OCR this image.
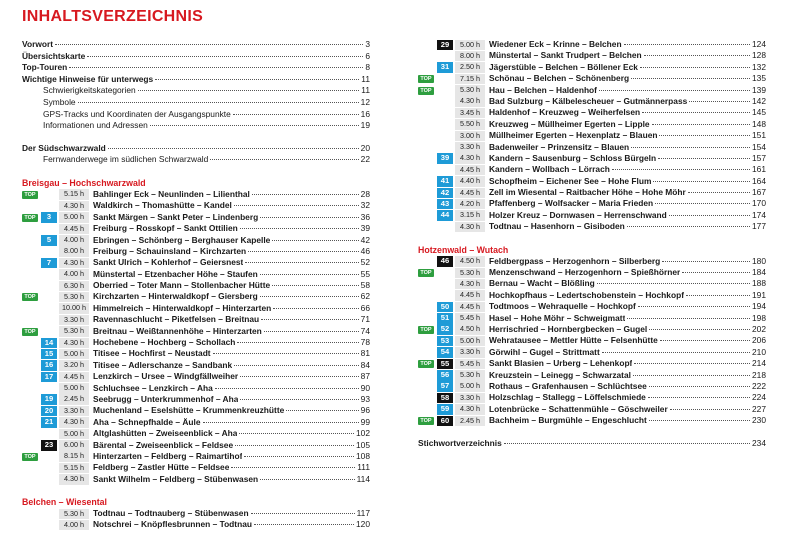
INHALTSVERZEICHNIS
Vorwort	3
Übersichtskarte	6
Top-Touren	8
Wichtige Hinweise für unterwegs	11
Schwierigkeitskategorien	11
Symbole	12
GPS-Tracks und Koordinaten der Ausgangspunkte	16
Informationen und Adressen	19
Der Südschwarzwald	20
Fernwanderwege im südlichen Schwarzwald	22
Breisgau – Hochschwarzwald
TOP	1	5.15 h	Bahlinger Eck – Neunlinden – Lilienthal	28
2	4.30 h	Waldkirch – Thomashütte – Kandel	32
TOP	3	5.00 h	Sankt Märgen – Sankt Peter – Lindenberg	36
4	4.45 h	Freiburg – Rosskopf – Sankt Ottilien	39
5	4.00 h	Ebringen – Schönberg – Berghauser Kapelle	42
6	8.00 h	Freiburg – Schauinsland – Kirchzarten	46
7	4.30 h	Sankt Ulrich – Kohlerhof – Geiersnest	52
8	4.00 h	Münstertal – Etzenbacher Höhe – Staufen	55
9	6.30 h	Oberried – Toter Mann – Stollenbacher Hütte	58
TOP	10	5.30 h	Kirchzarten – Hinterwaldkopf – Giersberg	62
11	10.00 h Himmelreich – Hinterwaldkopf – Hinterzarten	66
12	3.30 h	Ravennaschlucht – Piketfelsen – Breitnau	71
TOP	13	5.30 h	Breitnau – Weißtannenhöhe – Hinterzarten	74
14	4.30 h	Hochebene – Hochberg – Schollach	78
15	5.00 h	Titisee – Hochfirst – Neustadt	81
16	3.20 h	Titisee – Adlerschanze – Sandbank	84
17	4.45 h	Lenzkirch – Ursee – Windgfällweiher	87
18	5.00 h	Schluchsee – Lenzkirch – Aha	90
19	2.45 h	Seebrugg – Unterkrummenhof – Aha	93
20	3.30 h	Muchenland – Eselshütte – Krummenkreuzhütte	96
21	4.30 h	Aha – Schnepfhalde – Äule	99
22	5.00 h	Altglashütten – Zweiseenblick – Aha	102
23	6.00 h	Bärental – Zweiseenblick – Feldsee	105
TOP	24	8.15 h	Hinterzarten – Feldberg – Raimartihof	108
25	5.15 h	Feldberg – Zastler Hütte – Feldsee	111
26	4.30 h	Sankt Wilhelm – Feldberg – Stübenwasen	114
Belchen – Wiesental
27	5.30 h	Todtnau – Todtnauberg – Stübenwasen	117
28	4.00 h	Notschrei – Knöpflesbrunnen – Todtnau	120
29	5.00 h	Wiedener Eck – Krinne – Belchen	124
30	8.00 h	Münstertal – Sankt Trudpert – Belchen	128
31	2.50 h	Jägerstüble – Belchen – Böllener Eck	132
TOP	32	7.15 h	Schönau – Belchen – Schönenberg	135
TOP	33	5.30 h	Hau – Belchen – Haldenhof	139
34	4.30 h	Bad Sulzburg – Kälbelescheuer – Gutmännerpass	142
35	3.45 h	Haldenhof – Kreuzweg – Weiherfelsen	145
36	5.50 h	Kreuzweg – Müllheimer Egerten – Lipple	148
37	3.00 h	Müllheimer Egerten – Hexenplatz – Blauen	151
38	3.30 h	Badenweiler – Prinzensitz – Blauen	154
39	4.30 h	Kandern – Sausenburg – Schloss Bürgeln	157
40	4.45 h	Kandern – Wollbach – Lörrach	161
41	4.40 h	Schopfheim – Eichener See – Hohe Flum	164
42	4.45 h	Zell im Wiesental – Raitbacher Höhe – Hohe Möhr	167
43	4.20 h	Pfaffenberg – Wolfsacker – Maria Frieden	170
44	3.15 h	Holzer Kreuz – Dornwasen – Herrenschwand	174
45	4.30 h	Todtnau – Hasenhorn – Gisiboden	177
Hotzenwald – Wutach
46	4.50 h	Feldbergpass – Herzogenhorn – Silberberg	180
TOP	47	5.30 h	Menzenschwand – Herzogenhorn – Spießhörner	184
48	4.30 h	Bernau – Wacht – Blößling	188
49	4.45 h	Hochkopfhaus – Ledertschobenstein – Hochkopf	191
50	4.45 h	Todtmoos – Wehraquelle – Hochkopf	194
51	5.45 h	Hasel – Hohe Möhr – Schweigmatt	198
TOP	52	4.50 h	Herrischried – Hornbergbecken – Gugel	202
53	5.00 h	Wehratausee – Mettler Hütte – Felsenhütte	206
54	3.30 h	Görwihl – Gugel – Strittmatt	210
TOP	55	5.45 h	Sankt Blasien – Urberg – Lehenkopf	214
56	5.30 h	Kreuzstein – Leinegg – Schwarzatal	218
57	5.00 h	Rothaus – Grafenhausen – Schlüchtsee	222
58	3.30 h	Holzschlag – Stallegg – Löffelschmiede	224
59	4.30 h	Lotenbrücke – Schattenmühle – Göschweiler	227
TOP	60	2.45 h	Bachheim – Burgmühle – Engeschlucht	230
Stichwortverzeichnis	234
